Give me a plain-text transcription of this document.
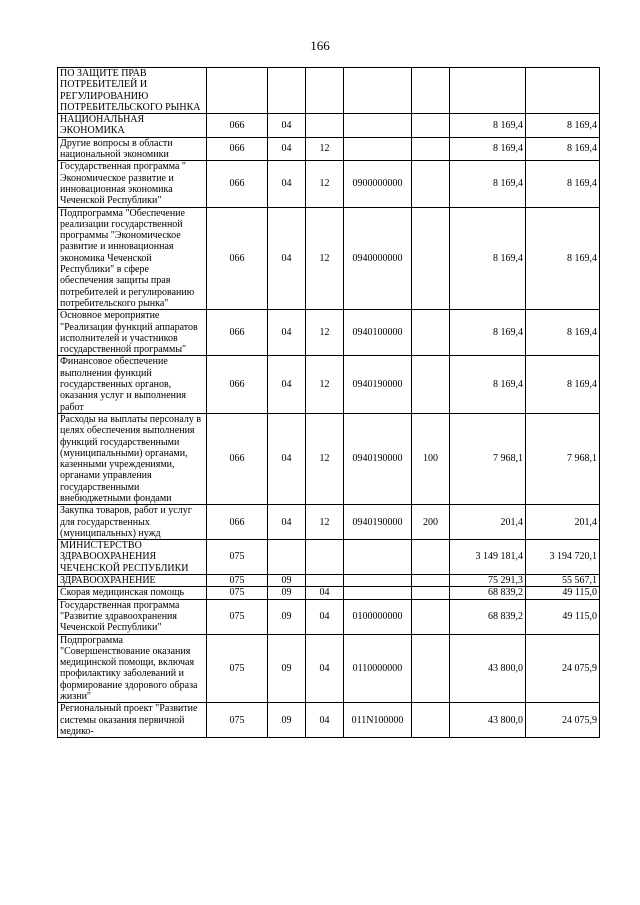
166
ПО ЗАЩИТЕ ПРАВ ПОТРЕБИТЕЛЕЙ И РЕГУЛИРОВАНИЮ ПОТРЕБИТЕЛЬСКОГО РЫНКА							
НАЦИОНАЛЬНАЯ ЭКОНОМИКА	066	04				8 169,4	8 169,4
Другие вопросы в области национальной экономики	066	04	12			8 169,4	8 169,4
Государственная программа " Экономическое развитие и инновационная экономика Чеченской Республики"	066	04	12	0900000000		8 169,4	8 169,4
Подпрограмма "Обеспечение реализации государственной программы "Экономическое развитие и инновационная экономика Чеченской Республики" в сфере обеспечения защиты прав потребителей и регулированию потребительского рынка"	066	04	12	0940000000		8 169,4	8 169,4
Основное мероприятие "Реализация функций аппаратов исполнителей и участников государственной программы"	066	04	12	0940100000		8 169,4	8 169,4
Финансовое обеспечение выполнения функций государственных органов, оказания услуг и выполнения работ	066	04	12	0940190000		8 169,4	8 169,4
Расходы на выплаты персоналу в целях обеспечения выполнения функций государственными (муниципальными) органами, казенными учреждениями, органами управления государственными внебюджетными фондами	066	04	12	0940190000	100	7 968,1	7 968,1
Закупка товаров, работ и услуг для государственных (муниципальных) нужд	066	04	12	0940190000	200	201,4	201,4
МИНИСТЕРСТВО ЗДРАВООХРАНЕНИЯ ЧЕЧЕНСКОЙ РЕСПУБЛИКИ	075					3 149 181,4	3 194 720,1
ЗДРАВООХРАНЕНИЕ	075	09				75 291,3	55 567,1
Скорая медицинская помощь	075	09	04			68 839,2	49 115,0
Государственная программа "Развитие здравоохранения Чеченской Республики"	075	09	04	0100000000		68 839,2	49 115,0
Подпрограмма "Совершенствование оказания медицинской помощи, включая профилактику заболеваний и формирование здорового образа жизни"	075	09	04	0110000000		43 800,0	24 075,9
Региональный проект "Развитие системы оказания первичной медико-	075	09	04	011N100000		43 800,0	24 075,9
